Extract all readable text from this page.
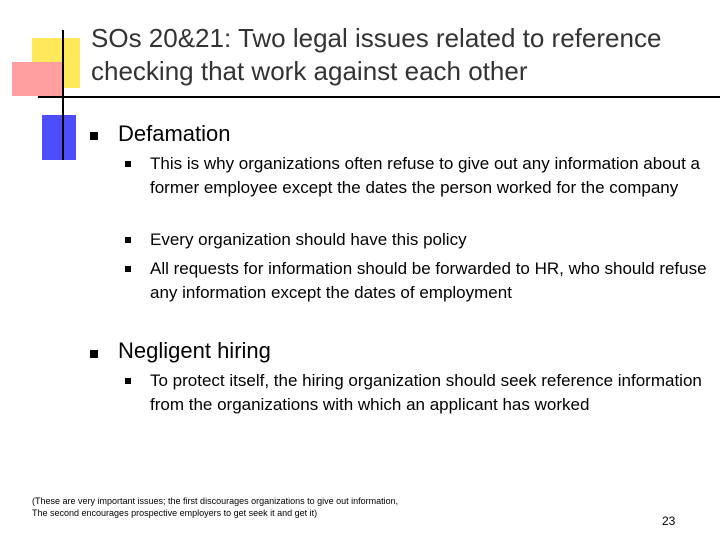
SOs 20&21: Two legal issues related to reference checking that work against each other
Defamation
This is why organizations often refuse to give out any information about a former employee except the dates the person worked for the company
Every organization should have this policy
All requests for information should be forwarded to HR, who should refuse any information except the dates of employment
Negligent hiring
To protect itself, the hiring organization should seek reference information from the organizations with which an applicant has worked
(These are very important issues; the first discourages organizations to give out information,
The second encourages prospective employers to get seek it and get it)
23
